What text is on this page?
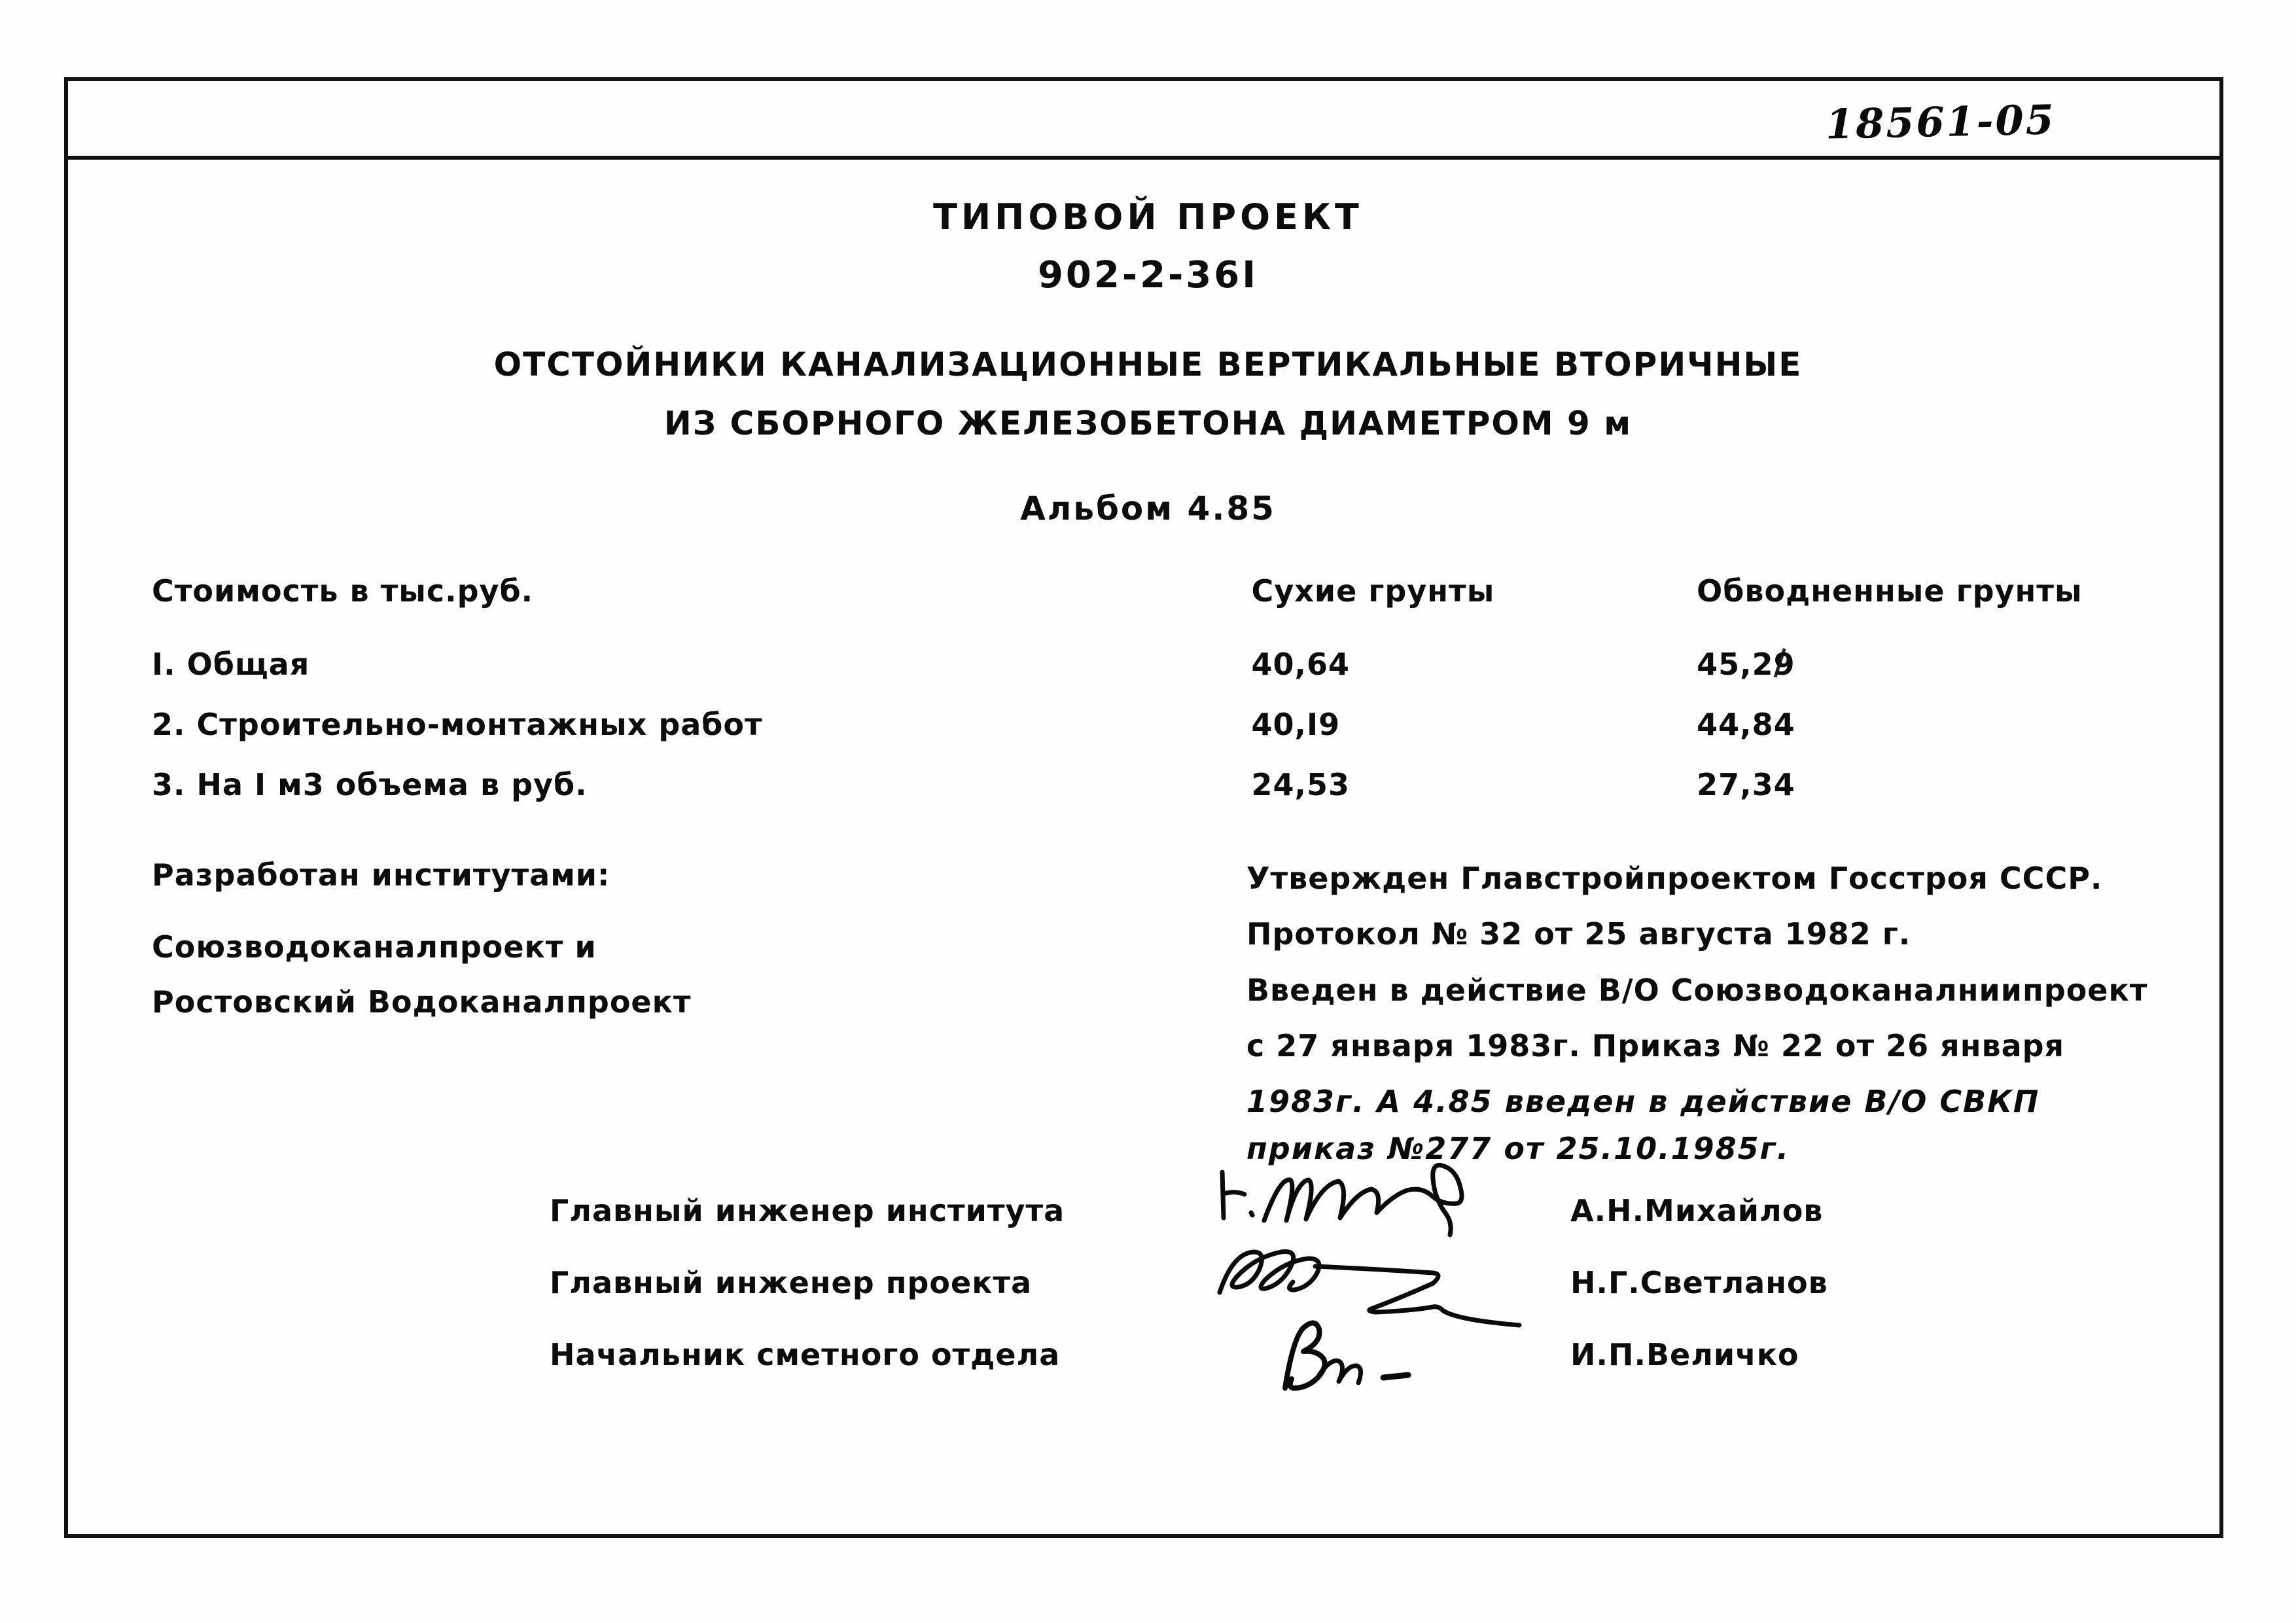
18561-05
ТИПОВОЙ ПРОЕКТ
902-2-36I
ОТСТОЙНИКИ КАНАЛИЗАЦИОННЫЕ ВЕРТИКАЛЬНЫЕ ВТОРИЧНЫЕ
ИЗ СБОРНОГО ЖЕЛЕЗОБЕТОНА ДИАМЕТРОМ 9 м
Альбом 4.85
Стоимость в тыс.руб.	Сухие грунты	Обводненные грунты
I. Общая	40,64	45,29
2. Строительно-монтажных работ	40,I9	44,84
3. На I м3 объема в руб.	24,53	27,34
Разработан институтами:
Союзводоканалпроект и
Ростовский Водоканалпроект
Утвержден Главстройпроектом Госстроя СССР.
Протокол № 32 от 25 августа 1982 г.
Введен в действие В/О Союзводоканалниипроект
с 27 января 1983г. Приказ № 22 от 26 января
1983г. А 4.85 введен в действие В/О СВКП
приказ №277 от 25.10.1985г.
Главный инженер института	А.Н.Михайлов
Главный инженер проекта	Н.Г.Светланов
Начальник сметного отдела	И.П.Величко
